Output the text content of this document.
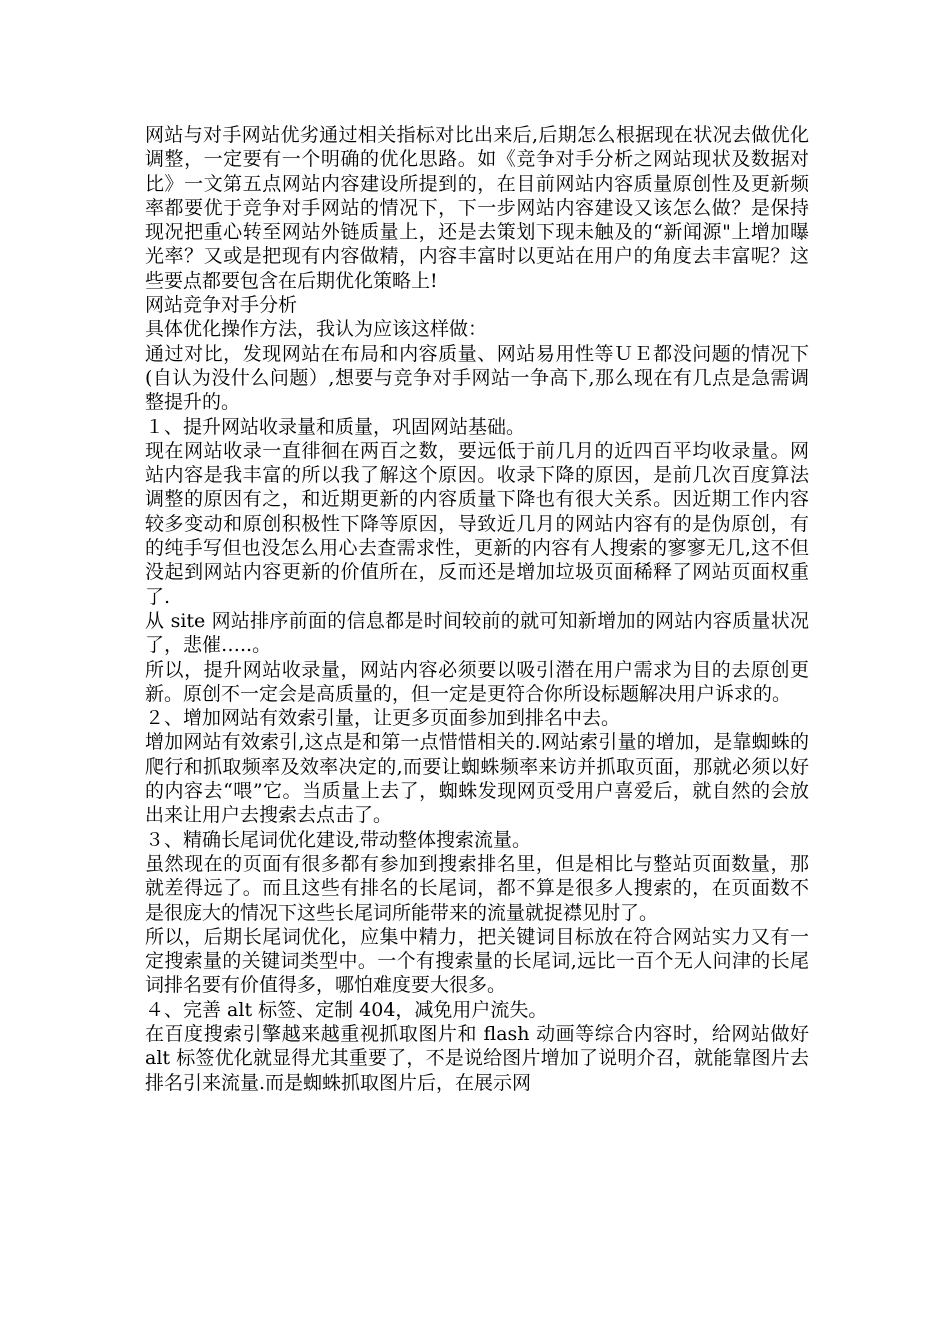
网站与对手网站优劣通过相关指标对比出来后,后期怎么根据现在状况去做优化调整，一定要有一个明确的优化思路。如《竞争对手分析之网站现状及数据对比》一文第五点网站内容建设所提到的，在目前网站内容质量原创性及更新频率都要优于竞争对手网站的情况下，下一步网站内容建设又该怎么做？是保持现况把重心转至网站外链质量上，还是去策划下现未触及的“新闻源"上增加曝光率？又或是把现有内容做精，内容丰富时以更站在用户的角度去丰富呢？这些要点都要包含在后期优化策略上!

网站竞争对手分析

具体优化操作方法，我认为应该这样做：

通过对比，发现网站在布局和内容质量、网站易用性等ＵＥ都没问题的情况下(自认为没什么问题）,想要与竞争对手网站一争高下,那么现在有几点是急需调整提升的。

１、提升网站收录量和质量，巩固网站基础。

现在网站收录一直徘徊在两百之数，要远低于前几月的近四百平均收录量。网站内容是我丰富的所以我了解这个原因。收录下降的原因，是前几次百度算法调整的原因有之，和近期更新的内容质量下降也有很大关系。因近期工作内容较多变动和原创积极性下降等原因，导致近几月的网站内容有的是伪原创，有的纯手写但也没怎么用心去查需求性，更新的内容有人搜索的寥寥无几,这不但没起到网站内容更新的价值所在，反而还是增加垃圾页面稀释了网站页面权重了.

从 site 网站排序前面的信息都是时间较前的就可知新增加的网站内容质量状况了，悲催…..。

所以，提升网站收录量，网站内容必须要以吸引潜在用户需求为目的去原创更新。原创不一定会是高质量的，但一定是更符合你所设标题解决用户诉求的。

２、增加网站有效索引量，让更多页面参加到排名中去。

增加网站有效索引,这点是和第一点惜惜相关的.网站索引量的增加，是靠蜘蛛的爬行和抓取频率及效率决定的,而要让蜘蛛频率来访并抓取页面，那就必须以好的内容去“喂”它。当质量上去了，蜘蛛发现网页受用户喜爱后，就自然的会放出来让用户去搜索去点击了。

３、精确长尾词优化建设,带动整体搜索流量。

虽然现在的页面有很多都有参加到搜索排名里，但是相比与整站页面数量，那就差得远了。而且这些有排名的长尾词，都不算是很多人搜索的，在页面数不是很庞大的情况下这些长尾词所能带来的流量就捉襟见肘了。

所以，后期长尾词优化，应集中精力，把关键词目标放在符合网站实力又有一定搜索量的关键词类型中。一个有搜索量的长尾词,远比一百个无人问津的长尾词排名要有价值得多，哪怕难度要大很多。

４、完善 alt 标签、定制 404，减免用户流失。

在百度搜索引擎越来越重视抓取图片和 flash 动画等综合内容时，给网站做好 alt 标签优化就显得尤其重要了，不是说给图片增加了说明介召，就能靠图片去排名引来流量.而是蜘蛛抓取图片后，在展示网
